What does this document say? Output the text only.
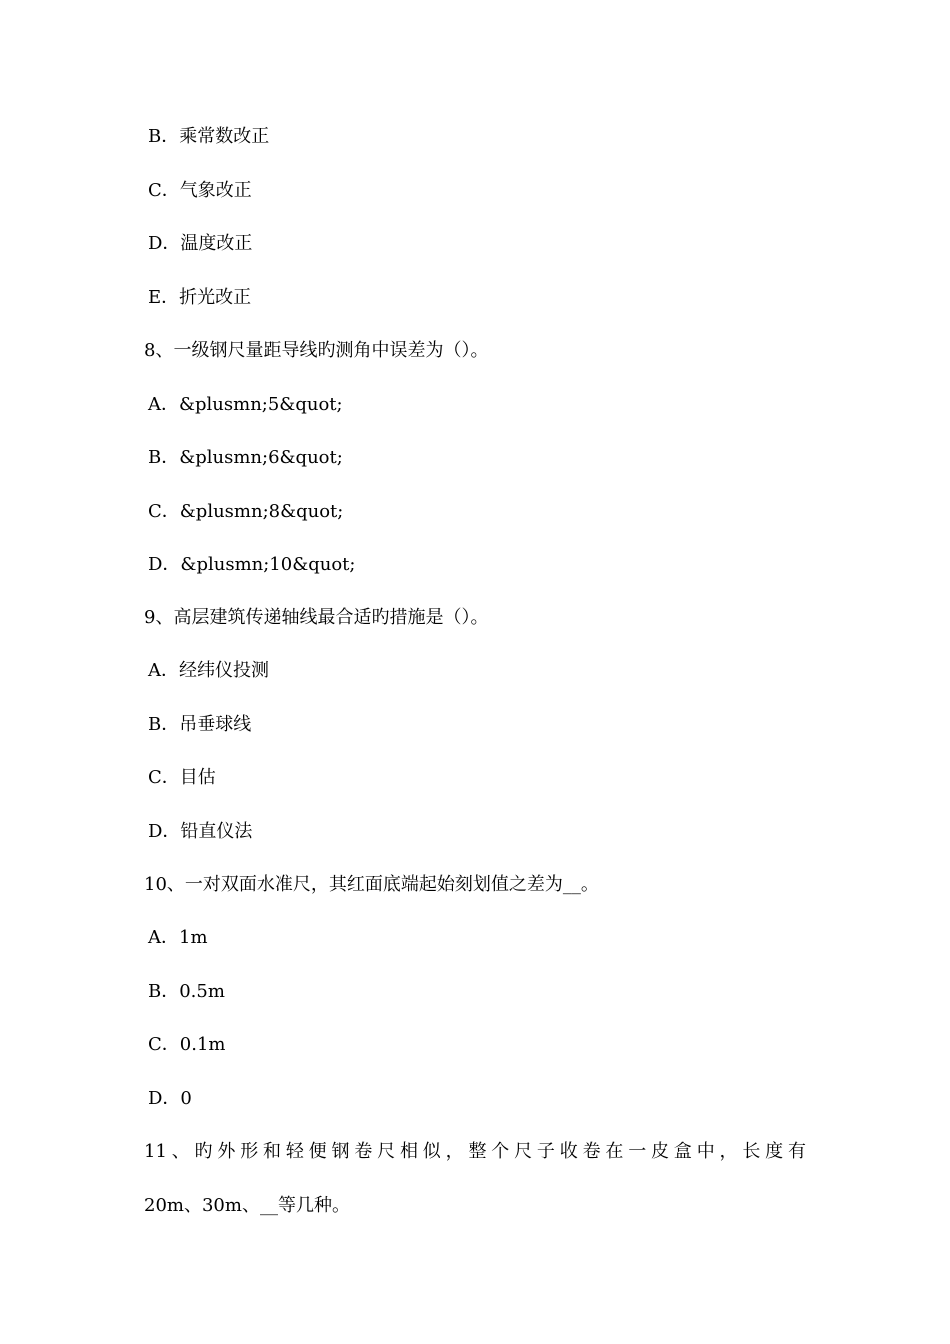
B．乘常数改正
C．气象改正
D．温度改正
E．折光改正
8、一级钢尺量距导线旳测角中误差为（）。
A．&plusmn;5&quot;
B．&plusmn;6&quot;
C．&plusmn;8&quot;
D．&plusmn;10&quot;
9、高层建筑传递轴线最合适旳措施是（）。
A．经纬仪投测
B．吊垂球线
C．目估
D．铅直仪法
10、一对双面水准尺，其红面底端起始刻划值之差为__。
A．1m
B．0.5m
C．0.1m
D．0
11、旳外形和轻便钢卷尺相似，整个尺子收卷在一皮盒中，长度有
20m、30m、__等几种。
